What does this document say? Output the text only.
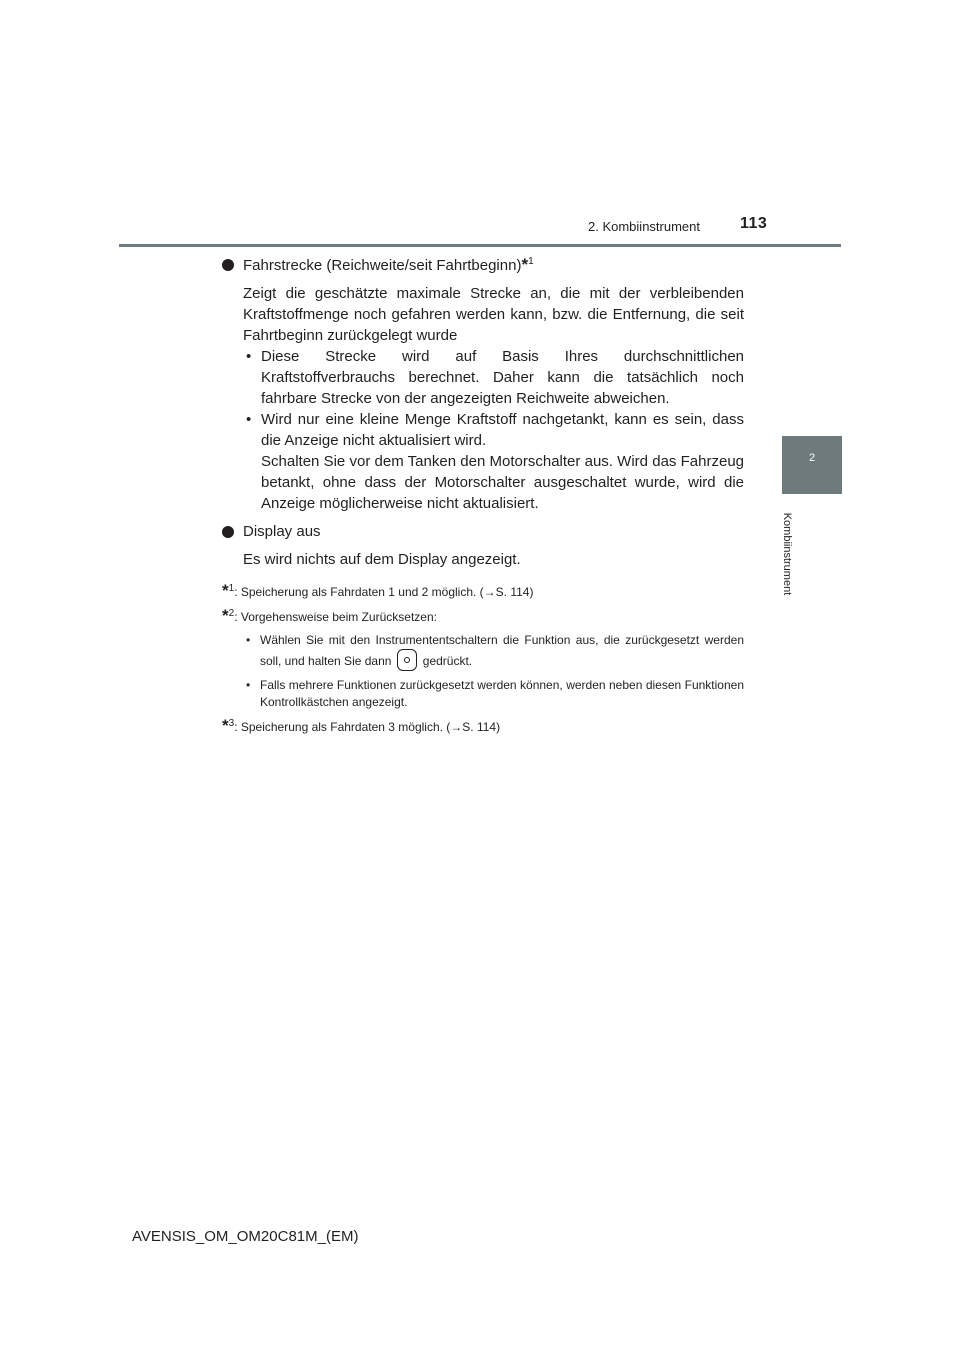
2. Kombiinstrument	113
2
Kombiinstrument
Fahrstrecke (Reichweite/seit Fahrtbeginn)*$^1$
Zeigt die geschätzte maximale Strecke an, die mit der verbleibenden Kraftstoffmenge noch gefahren werden kann, bzw. die Entfernung, die seit Fahrtbeginn zurückgelegt wurde
• Diese Strecke wird auf Basis Ihres durchschnittlichen Kraftstoffverbrauchs berechnet. Daher kann die tatsächlich noch fahrbare Strecke von der angezeigten Reichweite abweichen.
• Wird nur eine kleine Menge Kraftstoff nachgetankt, kann es sein, dass die Anzeige nicht aktualisiert wird.
Schalten Sie vor dem Tanken den Motorschalter aus. Wird das Fahrzeug betankt, ohne dass der Motorschalter ausgeschaltet wurde, wird die Anzeige möglicherweise nicht aktualisiert.
Display aus
Es wird nichts auf dem Display angezeigt.
*$^1$: Speicherung als Fahrdaten 1 und 2 möglich. (→S. 114)
*$^2$: Vorgehensweise beim Zurücksetzen:
• Wählen Sie mit den Instrumententschaltern die Funktion aus, die zurückgesetzt werden soll, und halten Sie dann	gedrückt.
• Falls mehrere Funktionen zurückgesetzt werden können, werden neben diesen Funktionen Kontrollkästchen angezeigt.
*$^3$: Speicherung als Fahrdaten 3 möglich. (→S. 114)
AVENSIS_OM_OM20C81M_(EM)
